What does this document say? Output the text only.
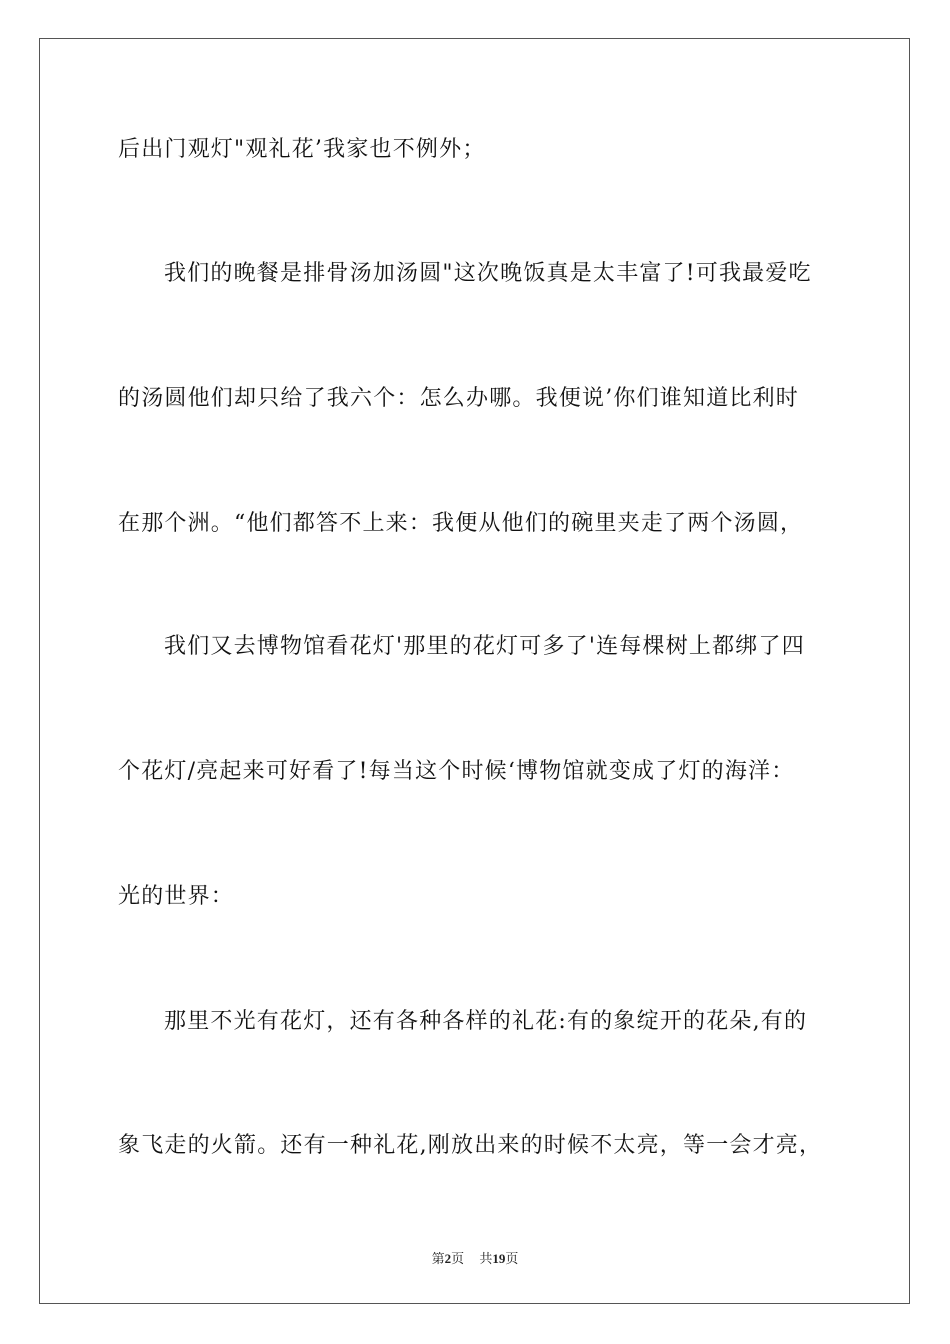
后出门观灯"观礼花’我家也不例外；
我们的晚餐是排骨汤加汤圆"这次晚饭真是太丰富了!可我最爱吃
的汤圆他们却只给了我六个：怎么办哪。我便说’你们谁知道比利时
在那个洲。“他们都答不上来：我便从他们的碗里夹走了两个汤圆，
我们又去博物馆看花灯'那里的花灯可多了'连每棵树上都绑了四
个花灯/亮起来可好看了!每当这个时候‘博物馆就变成了灯的海洋：
光的世界：
那里不光有花灯，还有各种各样的礼花:有的象绽开的花朵,有的
象飞走的火箭。还有一种礼花,刚放出来的时候不太亮，等一会才亮，
第2页 共19页
